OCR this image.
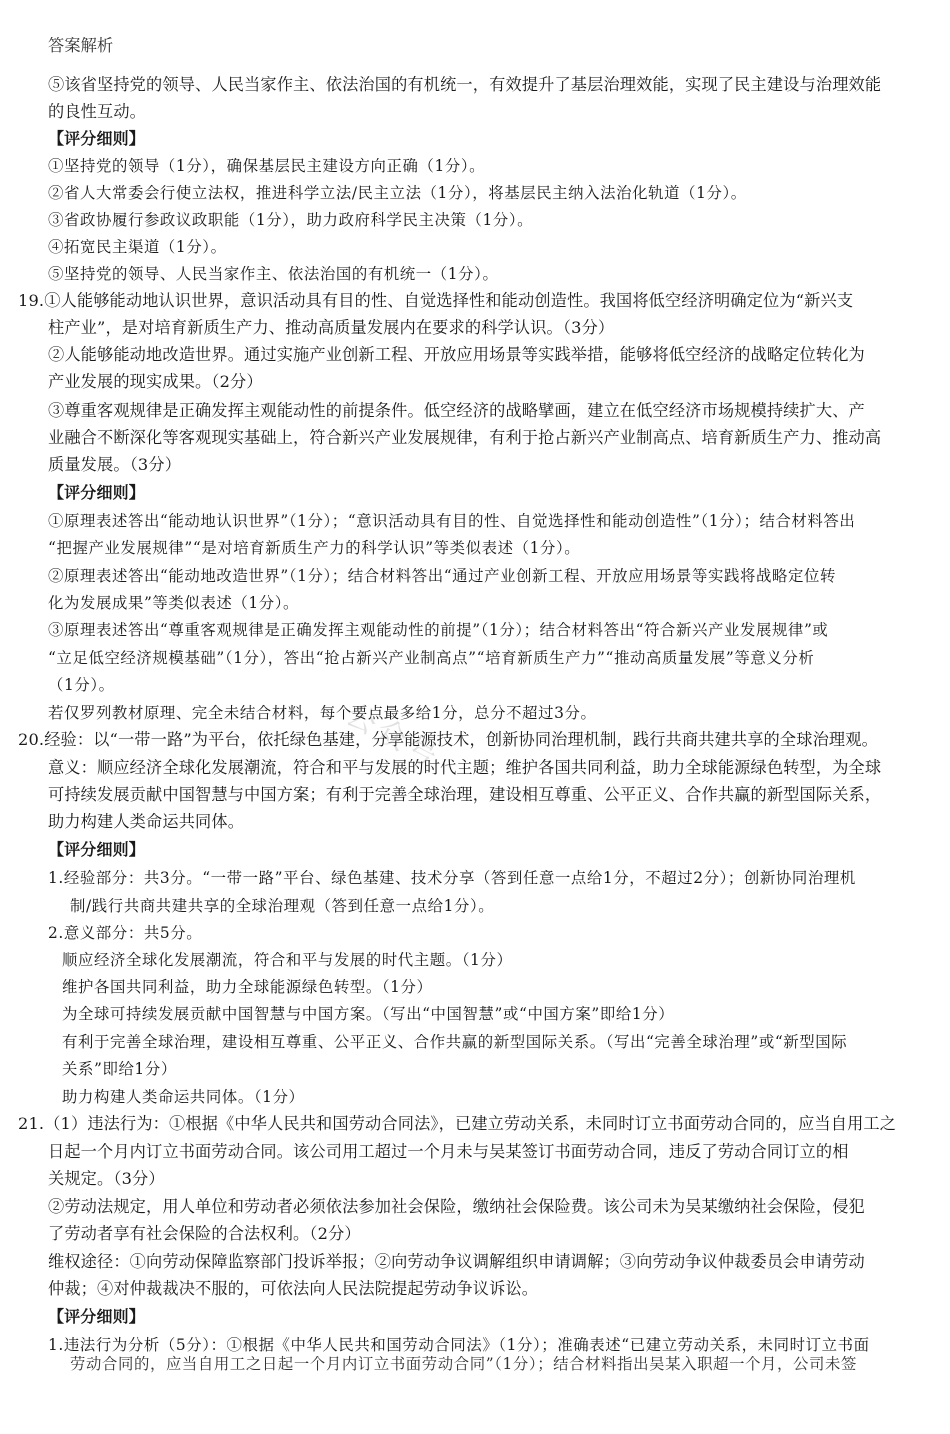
答案解析
⑤该省坚持党的领导、人民当家作主、依法治国的有机统一，有效提升了基层治理效能，实现了民主建设与治理效能
的良性互动。
【评分细则】
①坚持党的领导（1分），确保基层民主建设方向正确（1分）。
②省人大常委会行使立法权，推进科学立法/民主立法（1分），将基层民主纳入法治化轨道（1分）。
③省政协履行参政议政职能（1分），助力政府科学民主决策（1分）。
④拓宽民主渠道（1分）。
⑤坚持党的领导、人民当家作主、依法治国的有机统一（1分）。
19.①人能够能动地认识世界，意识活动具有目的性、自觉选择性和能动创造性。我国将低空经济明确定位为“新兴支
柱产业”，是对培育新质生产力、推动高质量发展内在要求的科学认识。（3分）
②人能够能动地改造世界。通过实施产业创新工程、开放应用场景等实践举措，能够将低空经济的战略定位转化为
产业发展的现实成果。（2分）
③尊重客观规律是正确发挥主观能动性的前提条件。低空经济的战略擘画，建立在低空经济市场规模持续扩大、产
业融合不断深化等客观现实基础上，符合新兴产业发展规律，有利于抢占新兴产业制高点、培育新质生产力、推动高
质量发展。（3分）
【评分细则】
①原理表述答出“能动地认识世界”（1分）；“意识活动具有目的性、自觉选择性和能动创造性”（1分）；结合材料答出
“把握产业发展规律”“是对培育新质生产力的科学认识”等类似表述（1分）。
②原理表述答出“能动地改造世界”（1分）；结合材料答出“通过产业创新工程、开放应用场景等实践将战略定位转
化为发展成果”等类似表述（1分）。
③原理表述答出“尊重客观规律是正确发挥主观能动性的前提”（1分）；结合材料答出“符合新兴产业发展规律”或
“立足低空经济规模基础”（1分），答出“抢占新兴产业制高点”“培育新质生产力”“推动高质量发展”等意义分析
（1分）。
若仅罗列教材原理、完全未结合材料，每个要点最多给1分，总分不超过3分。
20.经验：以“一带一路”为平台，依托绿色基建，分享能源技术，创新协同治理机制，践行共商共建共享的全球治理观。
意义：顺应经济全球化发展潮流，符合和平与发展的时代主题；维护各国共同利益，助力全球能源绿色转型，为全球
可持续发展贡献中国智慧与中国方案；有利于完善全球治理，建设相互尊重、公平正义、合作共赢的新型国际关系，
助力构建人类命运共同体。
【评分细则】
1.经验部分：共3分。“一带一路”平台、绿色基建、技术分享（答到任意一点给1分，不超过2分）；创新协同治理机
制/践行共商共建共享的全球治理观（答到任意一点给1分）。
2.意义部分：共5分。
顺应经济全球化发展潮流，符合和平与发展的时代主题。（1分）
维护各国共同利益，助力全球能源绿色转型。（1分）
为全球可持续发展贡献中国智慧与中国方案。（写出“中国智慧”或“中国方案”即给1分）
有利于完善全球治理，建设相互尊重、公平正义、合作共赢的新型国际关系。（写出“完善全球治理”或“新型国际
关系”即给1分）
助力构建人类命运共同体。（1分）
21.（1）违法行为：①根据《中华人民共和国劳动合同法》，已建立劳动关系，未同时订立书面劳动合同的，应当自用工之
日起一个月内订立书面劳动合同。该公司用工超过一个月未与吴某签订书面劳动合同，违反了劳动合同订立的相
关规定。（3分）
②劳动法规定，用人单位和劳动者必须依法参加社会保险，缴纳社会保险费。该公司未为吴某缴纳社会保险，侵犯
了劳动者享有社会保险的合法权利。（2分）
维权途径：①向劳动保障监察部门投诉举报；②向劳动争议调解组织申请调解；③向劳动争议仲裁委员会申请劳动
仲裁；④对仲裁裁决不服的，可依法向人民法院提起劳动争议诉讼。
【评分细则】
1.违法行为分析（5分）：①根据《中华人民共和国劳动合同法》（1分）；准确表述“已建立劳动关系，未同时订立书面
劳动合同的，应当自用工之日起一个月内订立书面劳动合同”（1分）；结合材料指出吴某入职超一个月，公司未签
公众号
